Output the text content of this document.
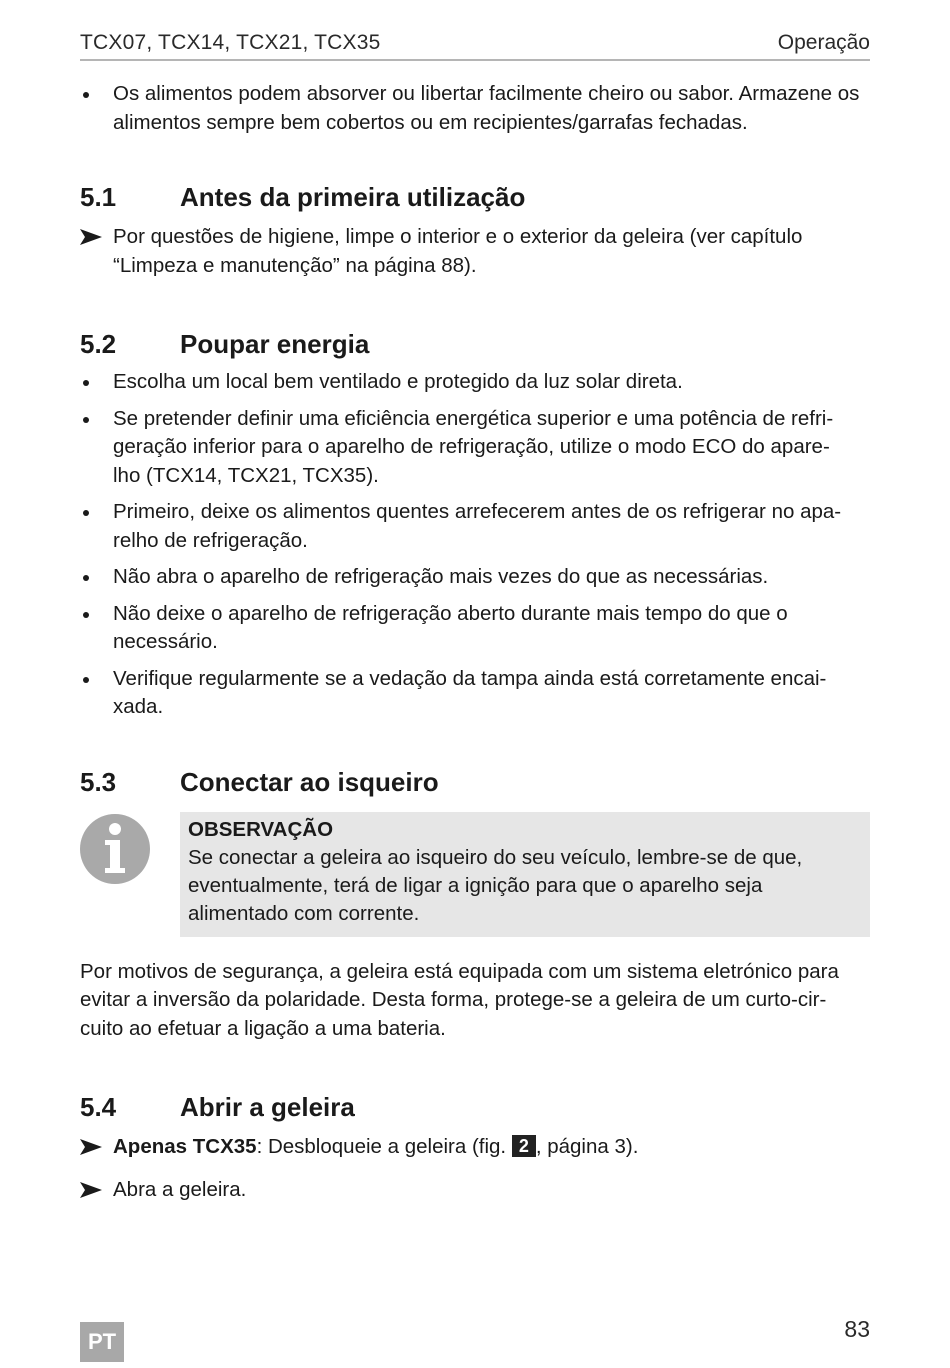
TCX07, TCX14, TCX21, TCX35	Operação
Os alimentos podem absorver ou libertar facilmente cheiro ou sabor. Armazene os alimentos sempre bem cobertos ou em recipientes/garrafas fechadas.
5.1 Antes da primeira utilização
Por questões de higiene, limpe o interior e o exterior da geleira (ver capítulo
“Limpeza e manutenção” na página 88).
5.2 Poupar energia
Escolha um local bem ventilado e protegido da luz solar direta.
Se pretender definir uma eficiência energética superior e uma potência de refri-
geração inferior para o aparelho de refrigeração, utilize o modo ECO do apare-
lho (TCX14, TCX21, TCX35).
Primeiro, deixe os alimentos quentes arrefecerem antes de os refrigerar no apa-
relho de refrigeração.
Não abra o aparelho de refrigeração mais vezes do que as necessárias.
Não deixe o aparelho de refrigeração aberto durante mais tempo do que o
necessário.
Verifique regularmente se a vedação da tampa ainda está corretamente encai-
xada.
5.3 Conectar ao isqueiro
OBSERVAÇÃO
Se conectar a geleira ao isqueiro do seu veículo, lembre-se de que,
eventualmente, terá de ligar a ignição para que o aparelho seja
alimentado com corrente.

Por motivos de segurança, a geleira está equipada com um sistema eletrónico para

evitar a inversão da polaridade. Desta forma, protege-se a geleira de um curto-cir-

cuito ao efetuar a ligação a uma bateria.

5.4 Abrir a geleira
Apenas TCX35: Desbloqueie a geleira (fig. 2 , página 3).
Abra a geleira.
PT	83
